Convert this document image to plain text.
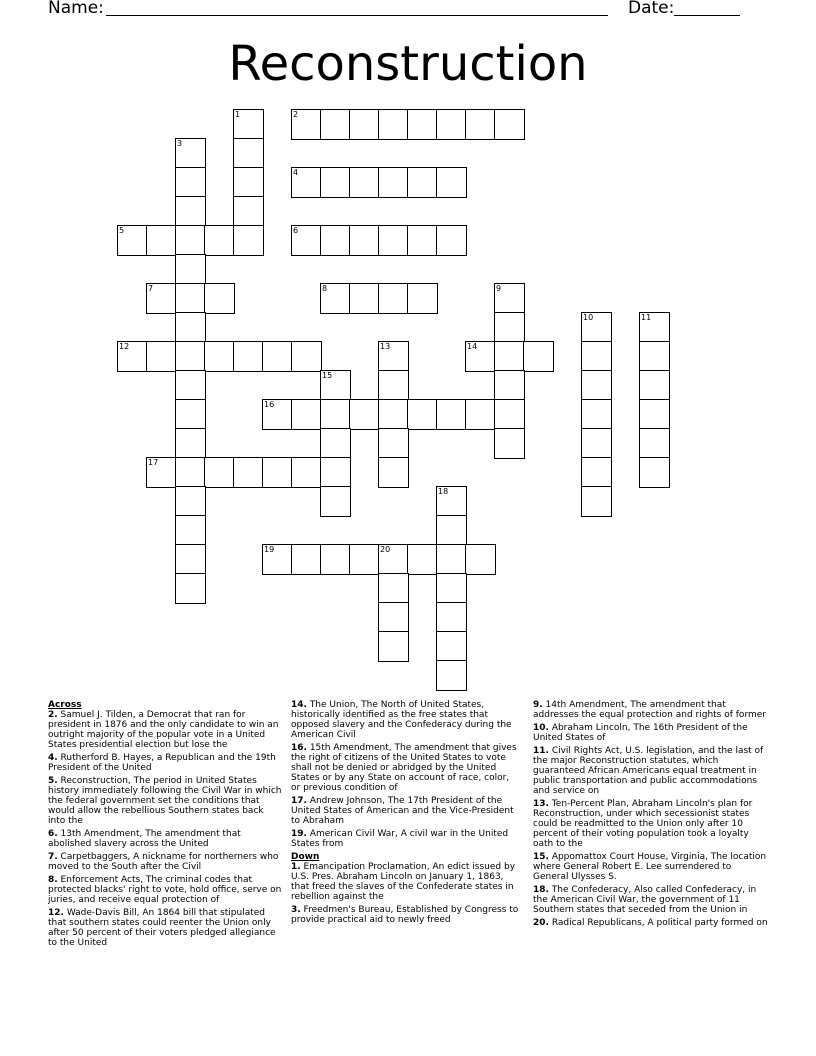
Name:	Date:
Reconstruction
1	2
3
4
5	6
7	8	9
10	11
12	13	14
15
16
17
18
19	20

Across

2. Samuel J. Tilden, a Democrat that ran for president in 1876 and the only candidate to win an outright majority of the popular vote in a United States presidential election but lose the

4. Rutherford B. Hayes, a Republican and the 19th President of the United

5. Reconstruction, The period in United States history immediately following the Civil War in which the federal government set the conditions that would allow the rebellious Southern states back into the

6. 13th Amendment, The amendment that abolished slavery across the United

7. Carpetbaggers, A nickname for northerners who moved to the South after the Civil

8. Enforcement Acts, The criminal codes that protected blacks' right to vote, hold office, serve on juries, and receive equal protection of

12. Wade-Davis Bill, An 1864 bill that stipulated that southern states could reenter the Union only after 50 percent of their voters pledged allegiance to the United

14. The Union, The North of United States, historically identified as the free states that opposed slavery and the Confederacy during the American Civil

16. 15th Amendment, The amendment that gives the right of citizens of the United States to vote shall not be denied or abridged by the United States or by any State on account of race, color, or previous condition of

17. Andrew Johnson, The 17th President of the United States of American and the Vice-President to Abraham

19. American Civil War, A civil war in the United States from

Down

1. Emancipation Proclamation, An edict issued by U.S. Pres. Abraham Lincoln on January 1, 1863, that freed the slaves of the Confederate states in rebellion against the

3. Freedmen's Bureau, Established by Congress to provide practical aid to newly freed

9. 14th Amendment, The amendment that addresses the equal protection and rights of former

10. Abraham Lincoln, The 16th President of the United States of

11. Civil Rights Act, U.S. legislation, and the last of the major Reconstruction statutes, which guaranteed African Americans equal treatment in public transportation and public accommodations and service on

13. Ten-Percent Plan, Abraham Lincoln's plan for Reconstruction, under which secessionist states could be readmitted to the Union only after 10 percent of their voting population took a loyalty oath to the

15. Appomattox Court House, Virginia, The location where General Robert E. Lee surrendered to General Ulysses S.

18. The Confederacy, Also called Confederacy, in the American Civil War, the government of 11 Southern states that seceded from the Union in

20. Radical Republicans, A political party formed on
